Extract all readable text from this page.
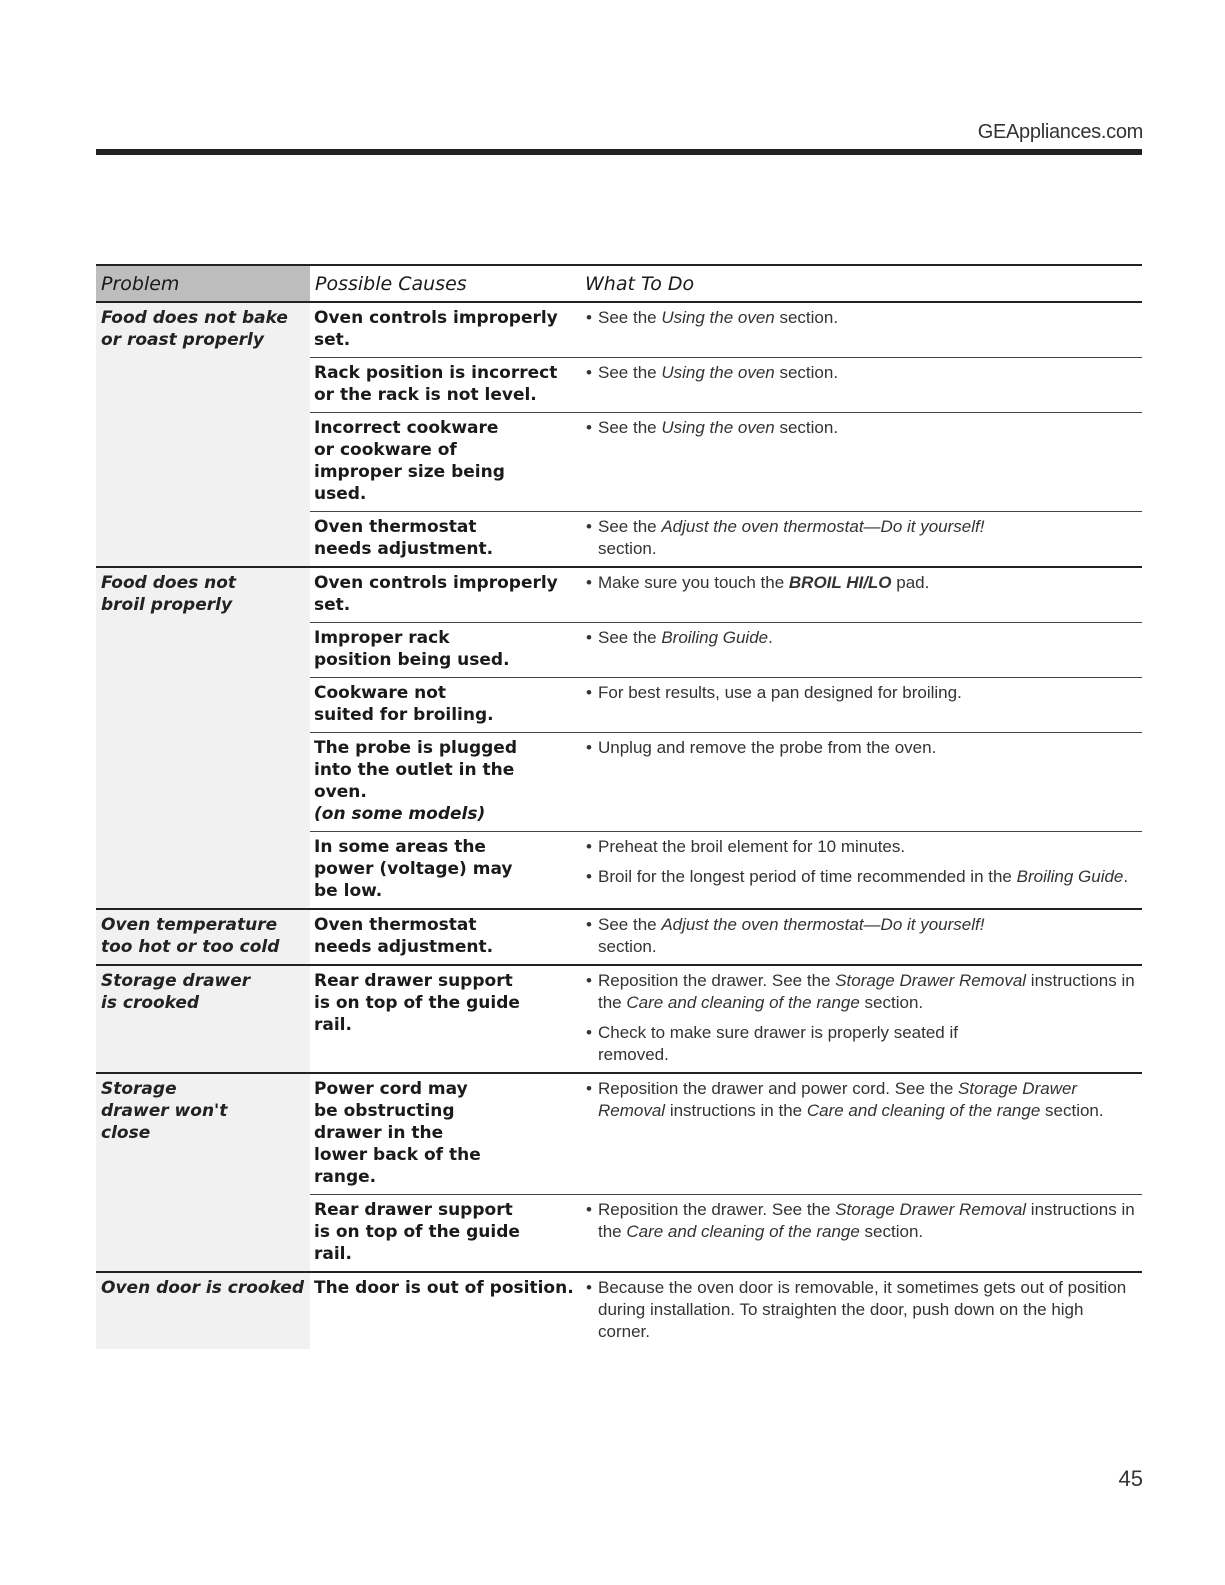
GEAppliances.com
Problem	Possible Causes	What To Do
Food does not bake or roast properly	Oven controls improperly set.	• See the Using the oven section.

	Rack position is incorrect or the rack is not level.	• See the Using the oven section.

	Incorrect cookware or cookware of improper size being used.	• See the Using the oven section.

	Oven thermostat needs adjustment.	• See the Adjust the oven thermostat—Do it yourself!
section.

Food does not broil properly	Oven controls improperly set.	• Make sure you touch the BROIL HI/LO pad.

	Improper rack position being used.	• See the Broiling Guide.

	Cookware not suited for broiling.	• For best results, use a pan designed for broiling.

	The probe is plugged into the outlet in the oven.
(on some models)	• Unplug and remove the probe from the oven.

	In some areas the power (voltage) may be low.	• Preheat the broil element for 10 minutes.
• Broil for the longest period of time recommended in the Broiling Guide.

Oven temperature too hot or too cold	Oven thermostat needs adjustment.	• See the Adjust the oven thermostat—Do it yourself!
section.

Storage drawer is crooked	Rear drawer support is on top of the guide rail.	• Reposition the drawer. See the Storage Drawer Removal instructions in the Care and cleaning of the range section.
• Check to make sure drawer is properly seated if removed.

Storage drawer won't close	Power cord may be obstructing drawer in the lower back of the range.	• Reposition the drawer and power cord. See the Storage Drawer Removal instructions in the Care and cleaning of the range section.

	Rear drawer support is on top of the guide rail.	• Reposition the drawer. See the Storage Drawer Removal instructions in the Care and cleaning of the range section.

Oven door is crooked	The door is out of position.	• Because the oven door is removable, it sometimes gets out of position during installation. To straighten the door, push down on the high corner.
45
